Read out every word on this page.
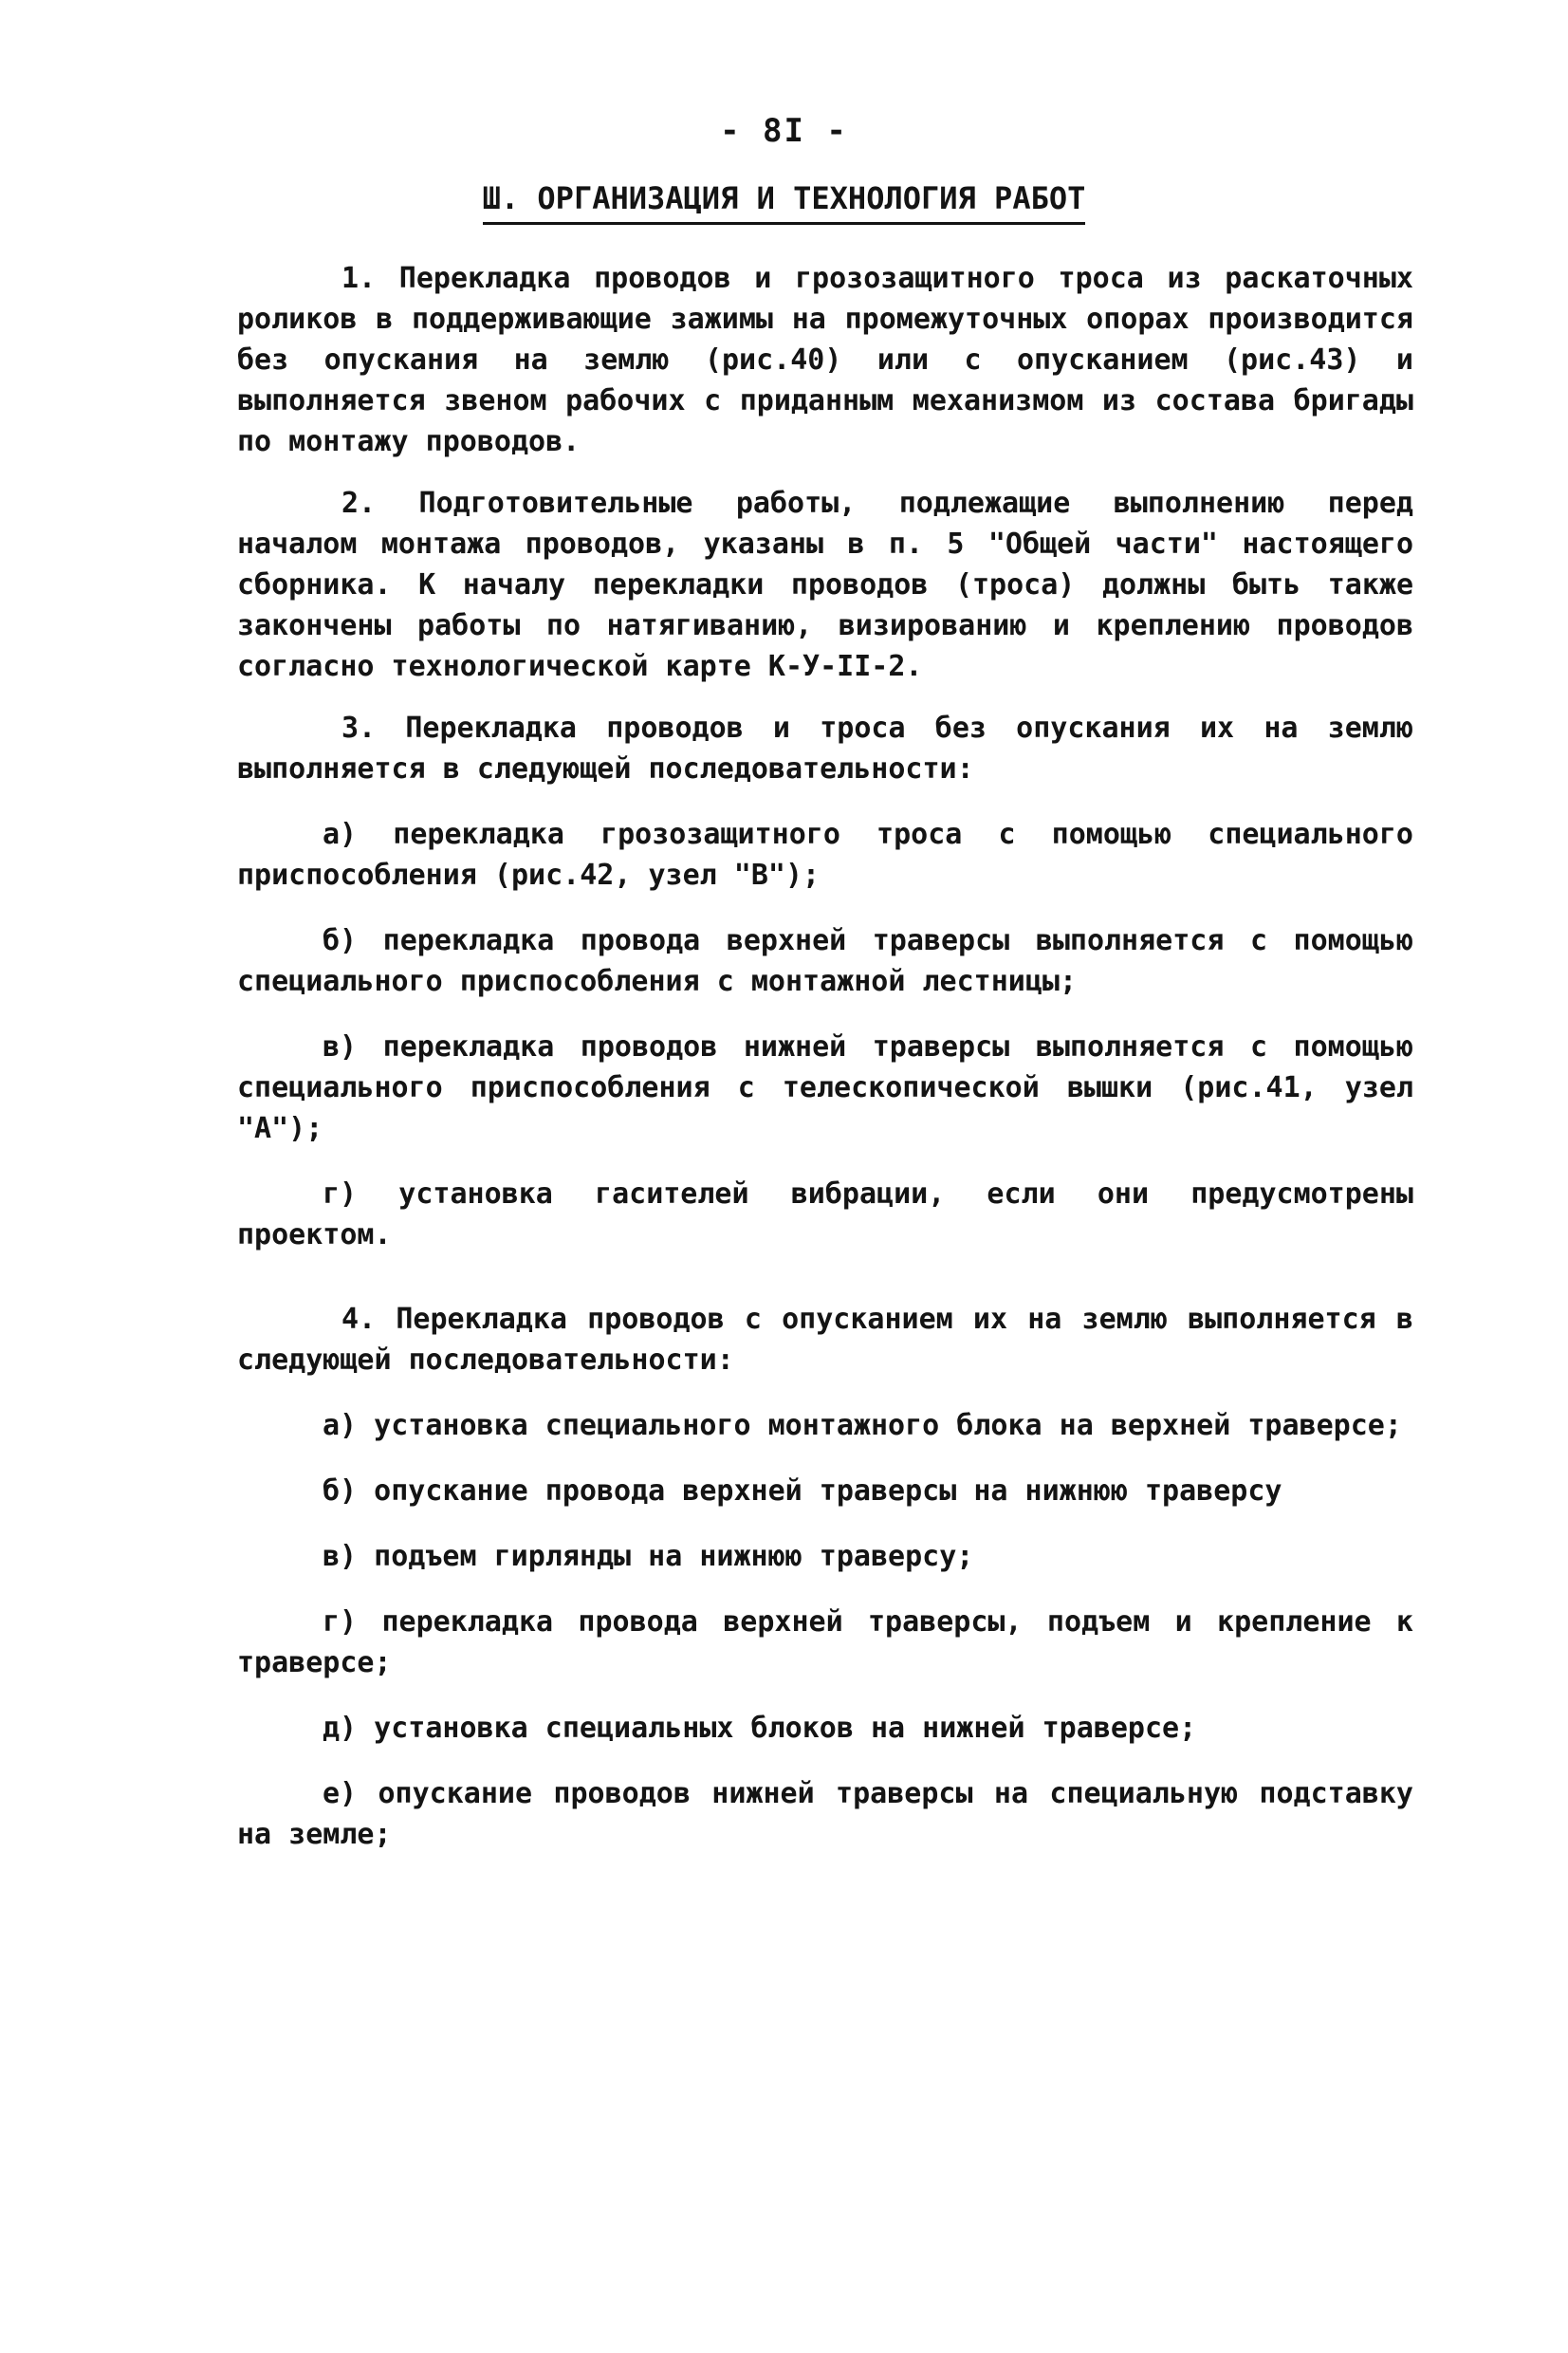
- 8I -
Ш. ОРГАНИЗАЦИЯ И ТЕХНОЛОГИЯ РАБОТ

1. Перекладка проводов и грозозащитного троса из раскаточных роликов в поддерживающие зажимы на промежуточных опорах производится без опускания на землю (рис.40) или с опусканием (рис.43) и выполняется звеном рабочих с приданным механизмом из состава бригады по монтажу проводов.

2. Подготовительные работы, подлежащие выполнению перед началом монтажа проводов, указаны в п. 5 "Общей части" настоящего сборника. К началу перекладки проводов (троса) должны быть также закончены работы по натягиванию, визированию и креплению проводов согласно технологической карте К-У-II-2.

3. Перекладка проводов и троса без опускания их на землю выполняется в следующей последовательности:

а) перекладка грозозащитного троса с помощью специального приспособления (рис.42, узел "В");

б) перекладка провода верхней траверсы выполняется с помощью специального приспособления с монтажной лестницы;

в) перекладка проводов нижней траверсы выполняется с помощью специального приспособления с телескопической вышки (рис.41, узел "А");

г) установка гасителей вибрации, если они предусмотрены проектом.

4. Перекладка проводов с опусканием их на землю выполняется в следующей последовательности:

а) установка специального монтажного блока на верхней траверсе;

б) опускание провода верхней траверсы на нижнюю траверсу

в) подъем гирлянды на нижнюю траверсу;

г) перекладка провода верхней траверсы, подъем и крепление к траверсе;

д) установка специальных блоков на нижней траверсе;

е) опускание проводов нижней траверсы на специальную подставку на земле;
